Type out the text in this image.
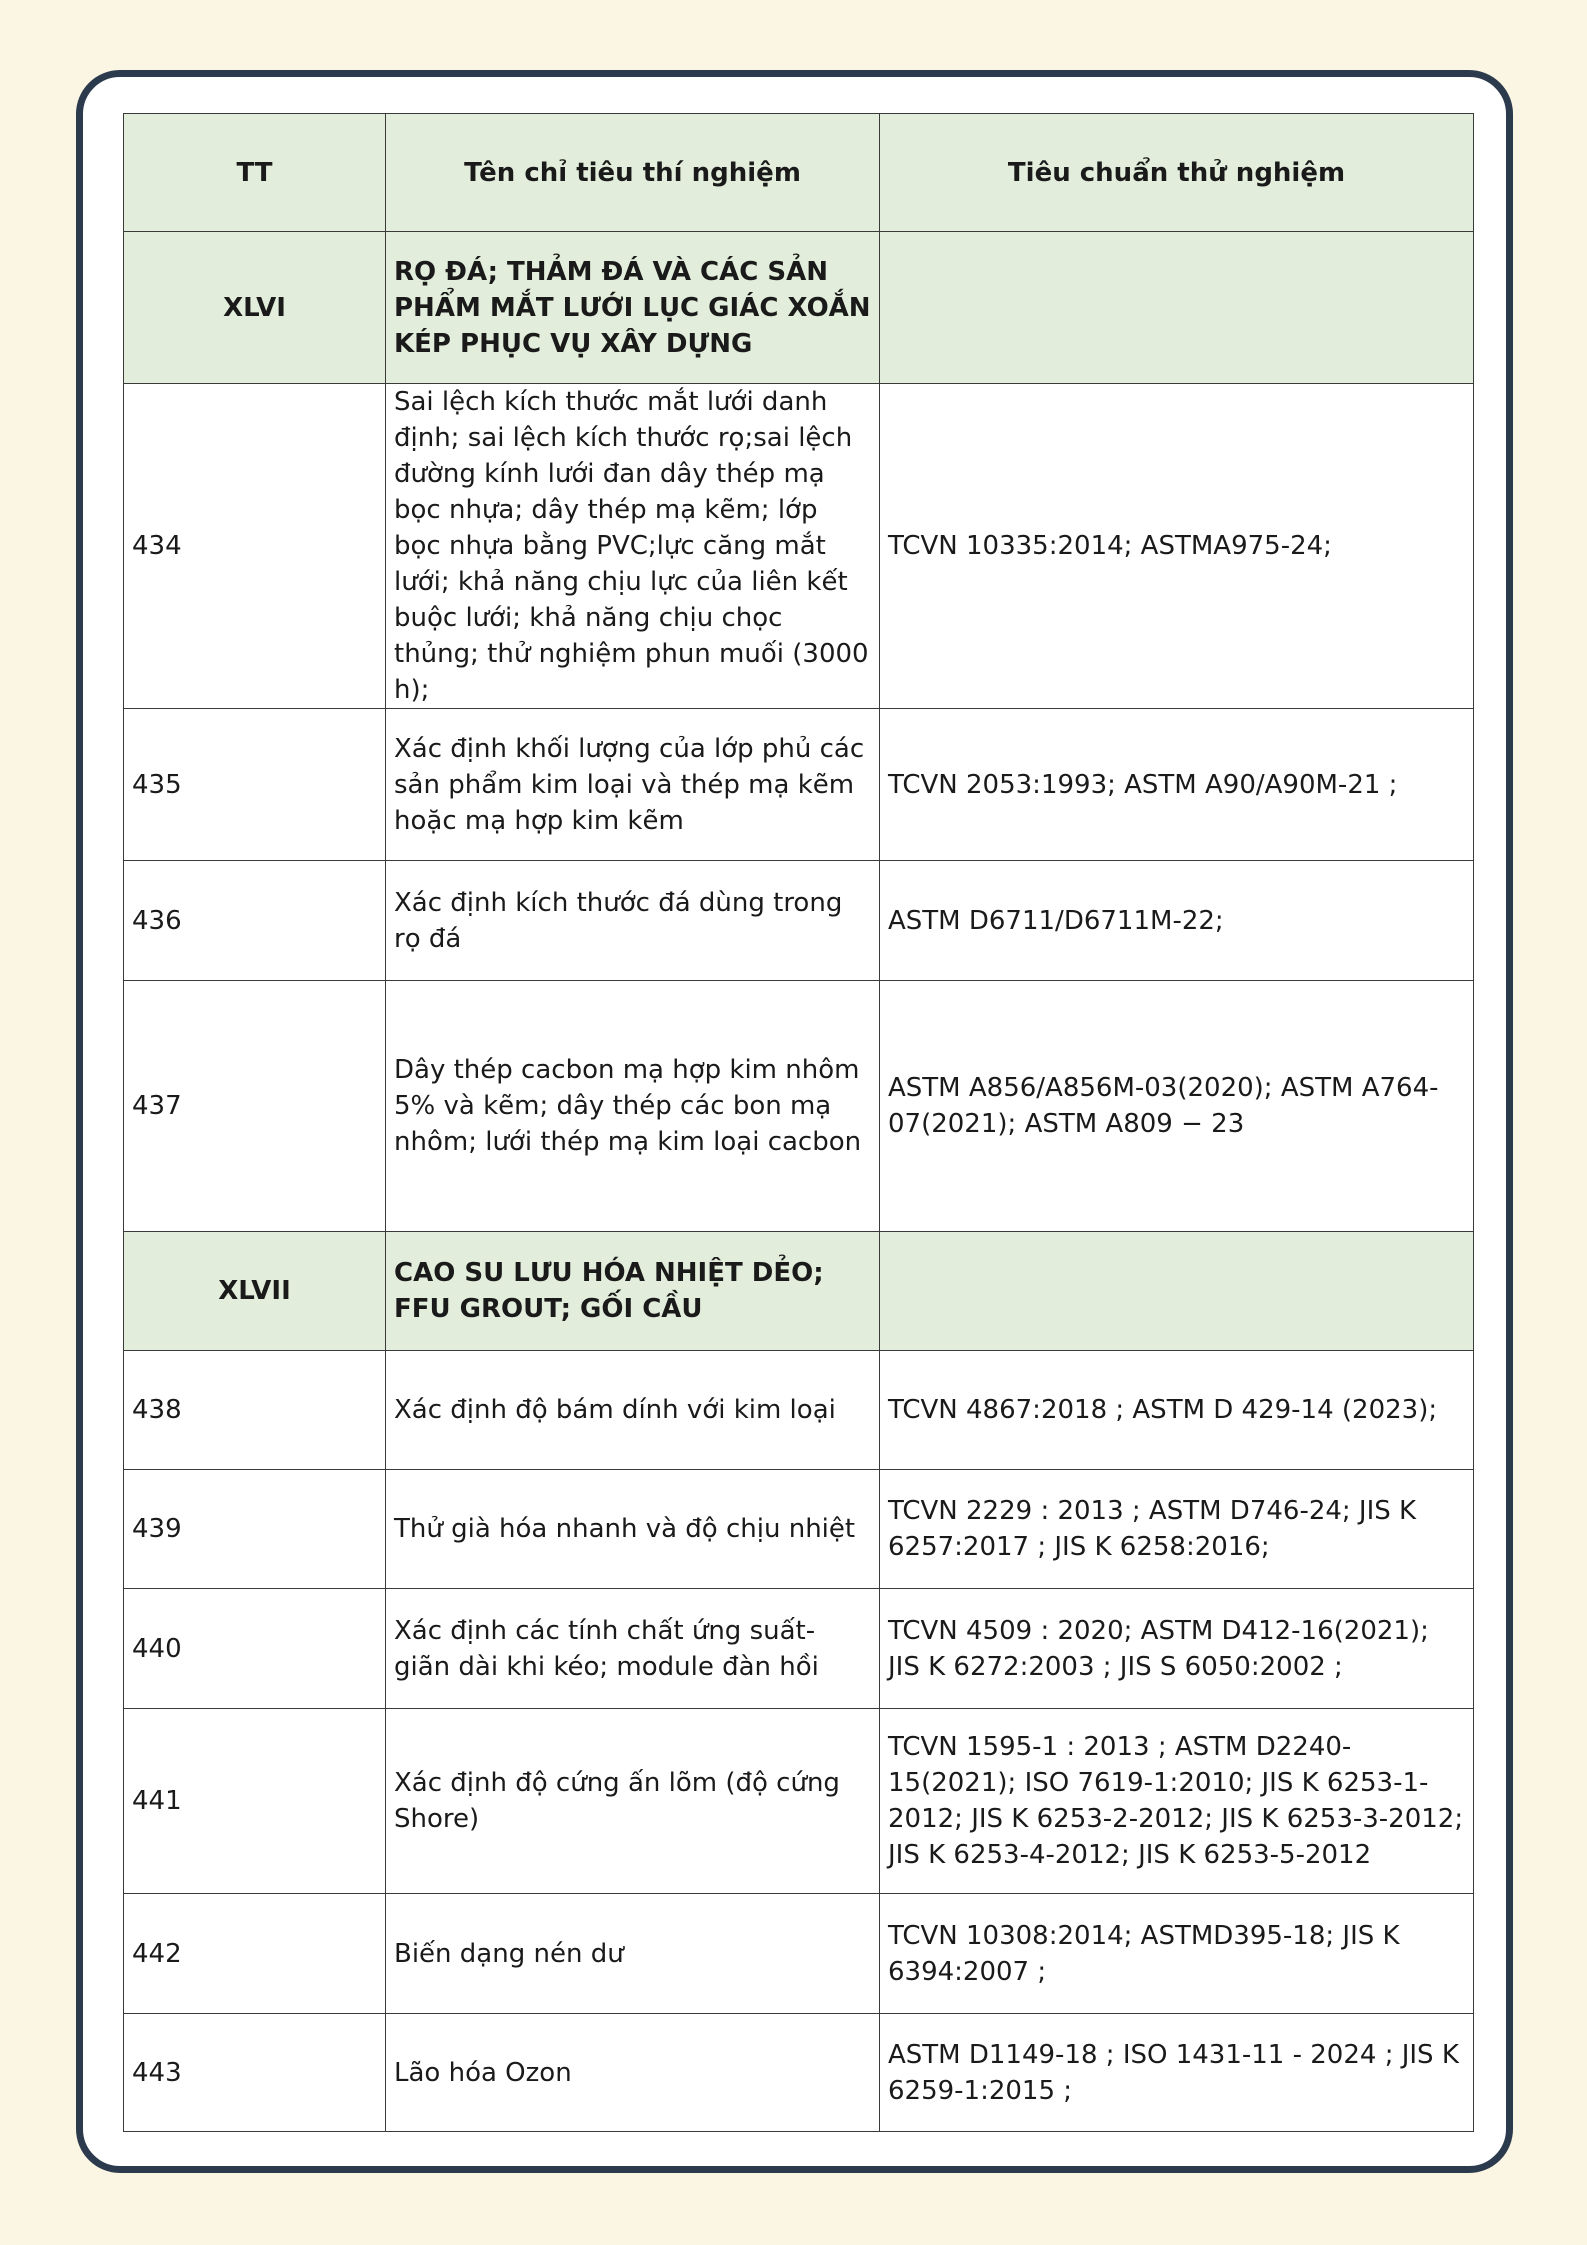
TT	Tên chỉ tiêu thí nghiệm	Tiêu chuẩn thử nghiệm
XLVI	RỌ ĐÁ; THẢM ĐÁ VÀ CÁC SẢN PHẨM MẮT LƯỚI LỤC GIÁC XOẮN KÉP PHỤC VỤ XÂY DỰNG	
434	Sai lệch kích thước mắt lưới danh định; sai lệch kích thước rọ;sai lệch đường kính lưới đan dây thép mạ bọc nhựa; dây thép mạ kẽm; lớp bọc nhựa bằng PVC;lực căng mắt lưới; khả năng chịu lực của liên kết buộc lưới; khả năng chịu chọc thủng; thử nghiệm phun muối (3000 h);	TCVN 10335:2014; ASTMA975-24;
435	Xác định khối lượng của lớp phủ các sản phẩm kim loại và thép mạ kẽm hoặc mạ hợp kim kẽm	TCVN 2053:1993; ASTM A90/A90M-21 ;
436	Xác định kích thước đá dùng trong rọ đá	ASTM D6711/D6711M-22;
437	Dây thép cacbon mạ hợp kim nhôm 5% và kẽm; dây thép các bon mạ nhôm; lưới thép mạ kim loại cacbon	ASTM A856/A856M-03(2020); ASTM A764-07(2021); ASTM A809 − 23
XLVII	CAO SU LƯU HÓA NHIỆT DẺO; FFU GROUT; GỐI CẦU	
438	Xác định độ bám dính với kim loại	TCVN 4867:2018 ; ASTM D 429-14 (2023);
439	Thử già hóa nhanh và độ chịu nhiệt	TCVN 2229 : 2013 ; ASTM D746-24; JIS K 6257:2017 ; JIS K 6258:2016;
440	Xác định các tính chất ứng suất- giãn dài khi kéo; module đàn hồi	TCVN 4509 : 2020; ASTM D412-16(2021); JIS K 6272:2003 ; JIS S 6050:2002 ;
441	Xác định độ cứng ấn lõm (độ cứng Shore)	TCVN 1595-1 : 2013 ; ASTM D2240-15(2021); ISO 7619-1:2010; JIS K 6253-1-2012; JIS K 6253-2-2012; JIS K 6253-3-2012; JIS K 6253-4-2012; JIS K 6253-5-2012
442	Biến dạng nén dư	TCVN 10308:2014; ASTMD395-18; JIS K 6394:2007 ;
443	Lão hóa Ozon	ASTM D1149-18 ; ISO 1431-11 - 2024 ; JIS K 6259-1:2015 ;
